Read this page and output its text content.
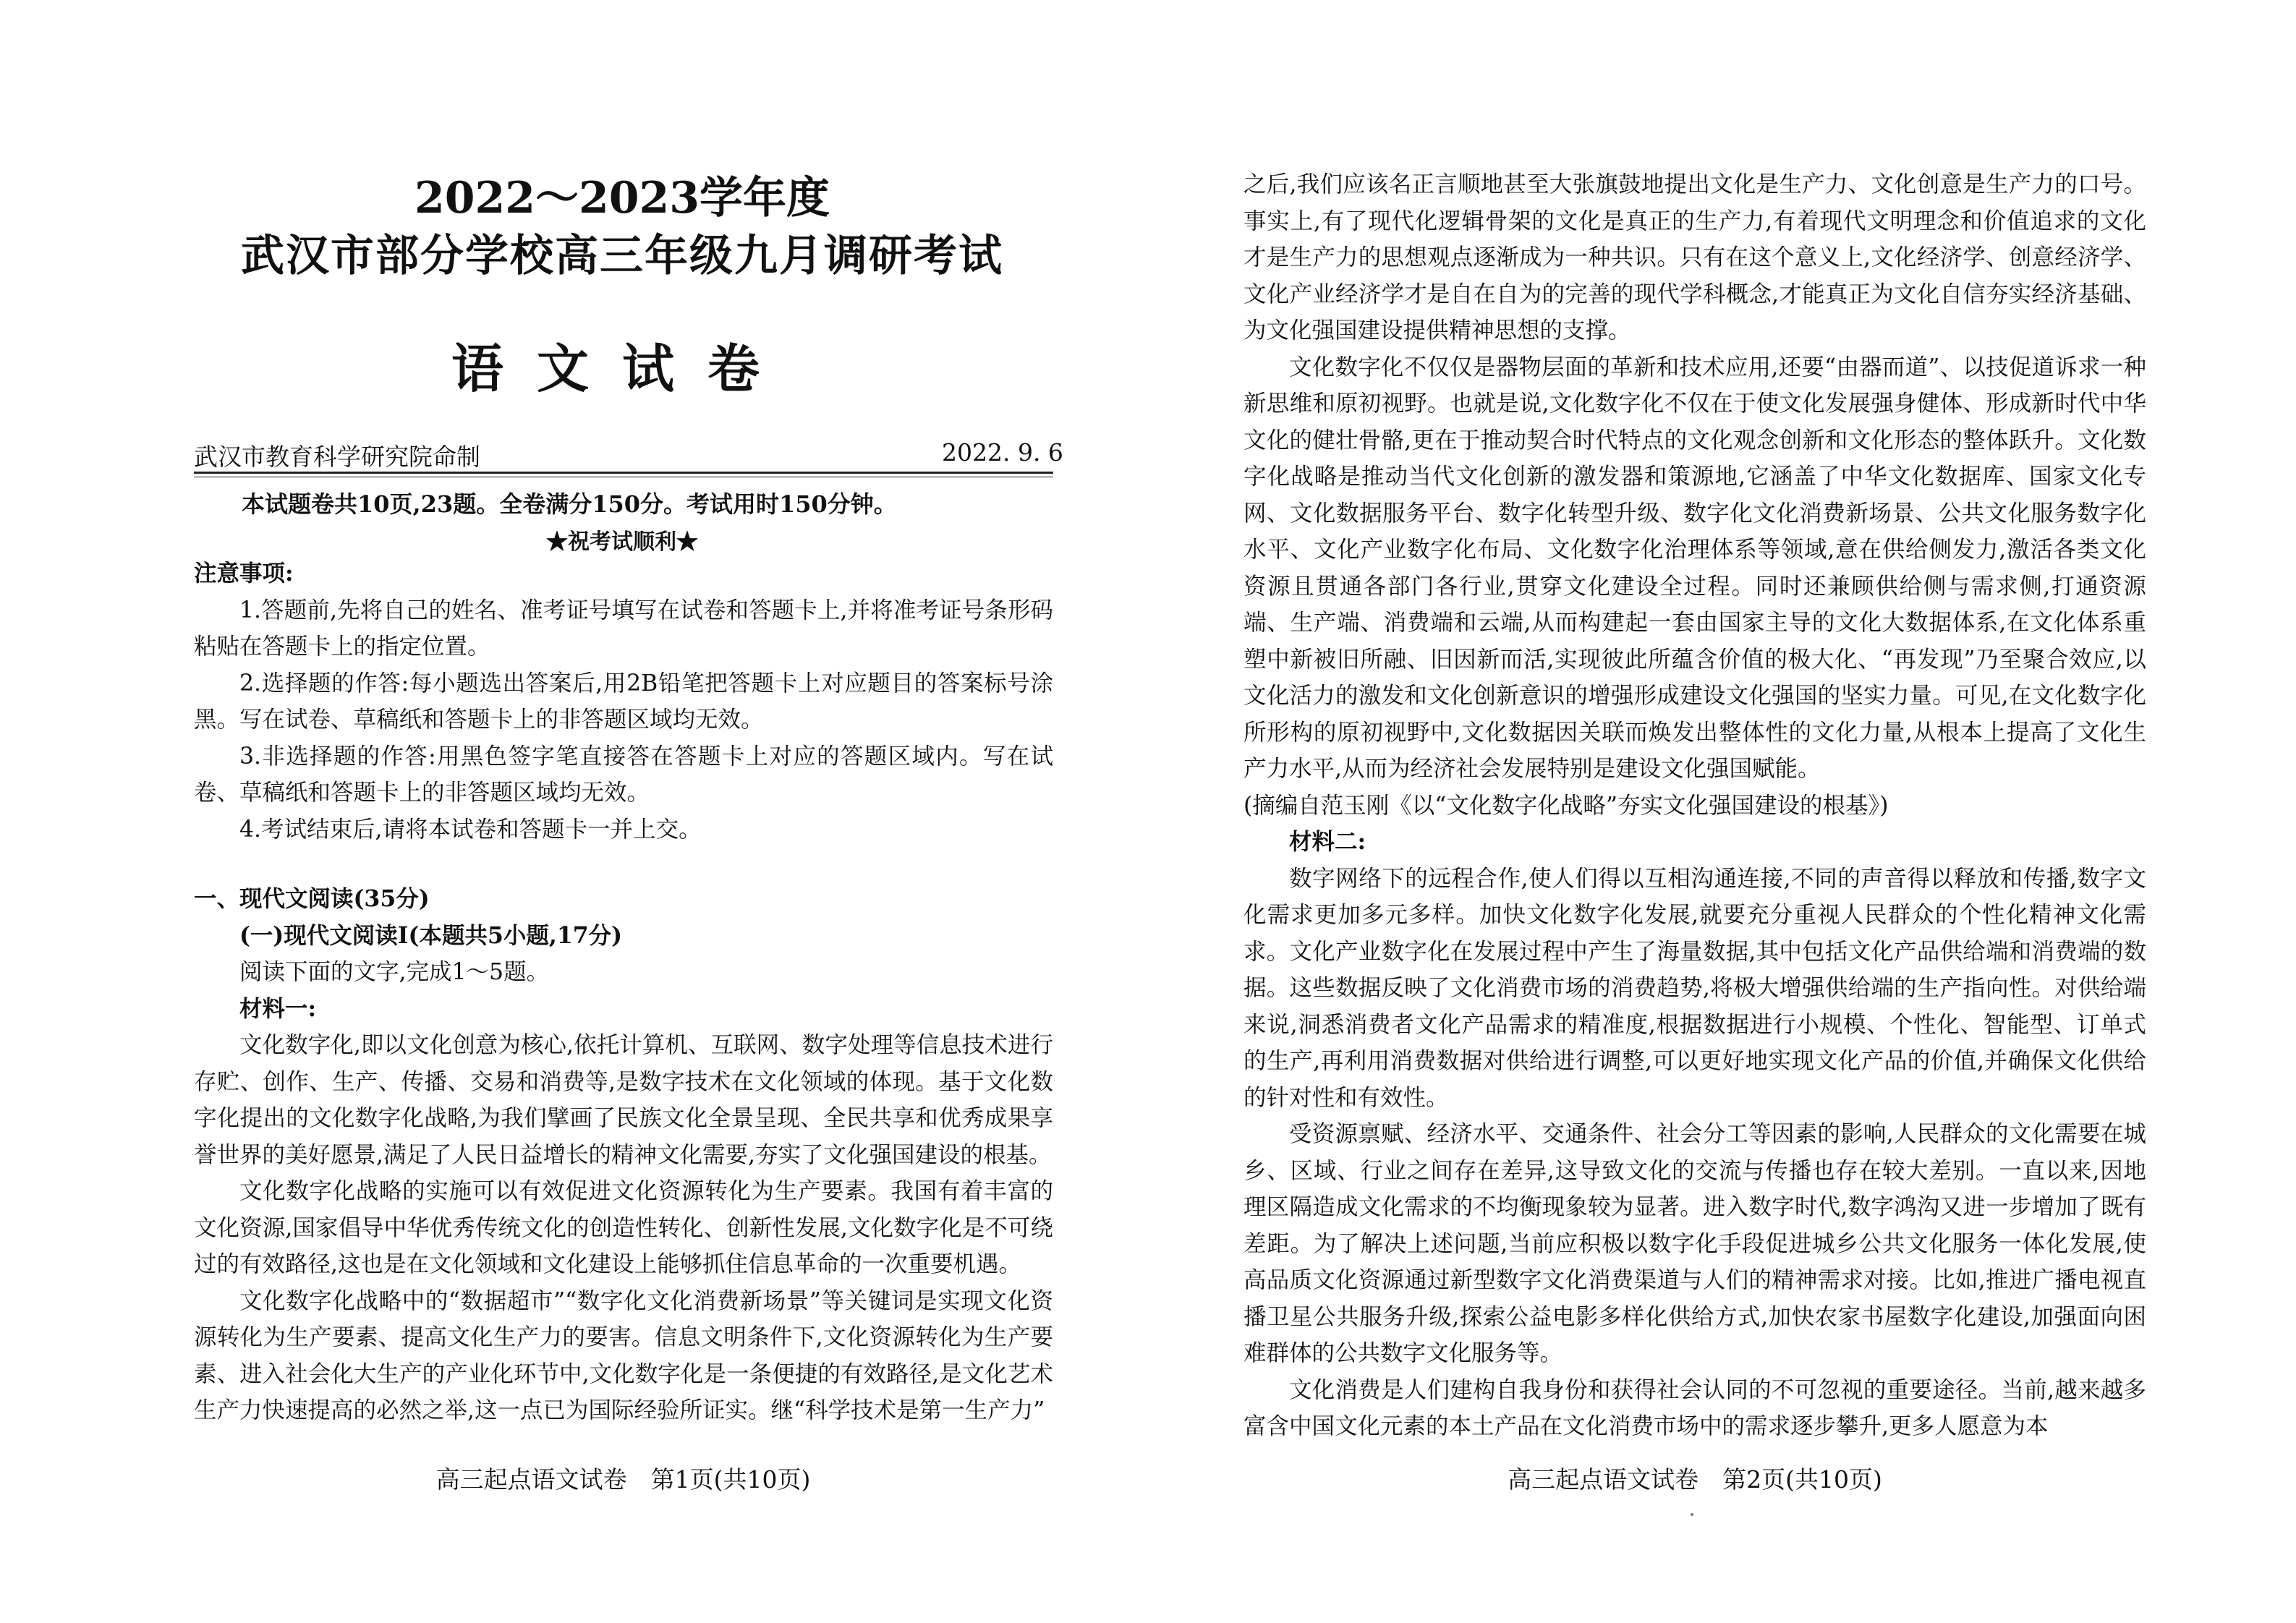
2022～2023学年度
武汉市部分学校高三年级九月调研考试
语文试卷
武汉市教育科学研究院命制	2022. 9. 6
本试题卷共10页,23题。全卷满分150分。考试用时150分钟。
★祝考试顺利★
注意事项:

1.答题前,先将自己的姓名、准考证号填写在试卷和答题卡上,并将准考证号条形码粘贴在答题卡上的指定位置。

2.选择题的作答:每小题选出答案后,用2B铅笔把答题卡上对应题目的答案标号涂黑。写在试卷、草稿纸和答题卡上的非答题区域均无效。

3.非选择题的作答:用黑色签字笔直接答在答题卡上对应的答题区域内。写在试卷、草稿纸和答题卡上的非答题区域均无效。

4.考试结束后,请将本试卷和答题卡一并上交。

一、现代文阅读(35分)
(一)现代文阅读Ⅰ(本题共5小题,17分)
阅读下面的文字,完成1～5题。
材料一:

文化数字化,即以文化创意为核心,依托计算机、互联网、数字处理等信息技术进行存贮、创作、生产、传播、交易和消费等,是数字技术在文化领域的体现。基于文化数字化提出的文化数字化战略,为我们擘画了民族文化全景呈现、全民共享和优秀成果享誉世界的美好愿景,满足了人民日益增长的精神文化需要,夯实了文化强国建设的根基。

文化数字化战略的实施可以有效促进文化资源转化为生产要素。我国有着丰富的文化资源,国家倡导中华优秀传统文化的创造性转化、创新性发展,文化数字化是不可绕过的有效路径,这也是在文化领域和文化建设上能够抓住信息革命的一次重要机遇。

文化数字化战略中的“数据超市”“数字化文化消费新场景”等关键词是实现文化资源转化为生产要素、提高文化生产力的要害。信息文明条件下,文化资源转化为生产要素、进入社会化大生产的产业化环节中,文化数字化是一条便捷的有效路径,是文化艺术生产力快速提高的必然之举,这一点已为国际经验所证实。继“科学技术是第一生产力”

高三起点语文试卷　第1页(共10页)

之后,我们应该名正言顺地甚至大张旗鼓地提出文化是生产力、文化创意是生产力的口号。事实上,有了现代化逻辑骨架的文化是真正的生产力,有着现代文明理念和价值追求的文化才是生产力的思想观点逐渐成为一种共识。只有在这个意义上,文化经济学、创意经济学、文化产业经济学才是自在自为的完善的现代学科概念,才能真正为文化自信夯实经济基础、为文化强国建设提供精神思想的支撑。

文化数字化不仅仅是器物层面的革新和技术应用,还要“由器而道”、以技促道诉求一种新思维和原初视野。也就是说,文化数字化不仅在于使文化发展强身健体、形成新时代中华文化的健壮骨骼,更在于推动契合时代特点的文化观念创新和文化形态的整体跃升。文化数字化战略是推动当代文化创新的激发器和策源地,它涵盖了中华文化数据库、国家文化专网、文化数据服务平台、数字化转型升级、数字化文化消费新场景、公共文化服务数字化水平、文化产业数字化布局、文化数字化治理体系等领域,意在供给侧发力,激活各类文化资源且贯通各部门各行业,贯穿文化建设全过程。同时还兼顾供给侧与需求侧,打通资源端、生产端、消费端和云端,从而构建起一套由国家主导的文化大数据体系,在文化体系重塑中新被旧所融、旧因新而活,实现彼此所蕴含价值的极大化、“再发现”乃至聚合效应,以文化活力的激发和文化创新意识的增强形成建设文化强国的坚实力量。可见,在文化数字化所形构的原初视野中,文化数据因关联而焕发出整体性的文化力量,从根本上提高了文化生产力水平,从而为经济社会发展特别是建设文化强国赋能。

(摘编自范玉刚《以“文化数字化战略”夯实文化强国建设的根基》)
材料二:

数字网络下的远程合作,使人们得以互相沟通连接,不同的声音得以释放和传播,数字文化需求更加多元多样。加快文化数字化发展,就要充分重视人民群众的个性化精神文化需求。文化产业数字化在发展过程中产生了海量数据,其中包括文化产品供给端和消费端的数据。这些数据反映了文化消费市场的消费趋势,将极大增强供给端的生产指向性。对供给端来说,洞悉消费者文化产品需求的精准度,根据数据进行小规模、个性化、智能型、订单式的生产,再利用消费数据对供给进行调整,可以更好地实现文化产品的价值,并确保文化供给的针对性和有效性。

受资源禀赋、经济水平、交通条件、社会分工等因素的影响,人民群众的文化需要在城乡、区域、行业之间存在差异,这导致文化的交流与传播也存在较大差别。一直以来,因地理区隔造成文化需求的不均衡现象较为显著。进入数字时代,数字鸿沟又进一步增加了既有差距。为了解决上述问题,当前应积极以数字化手段促进城乡公共文化服务一体化发展,使高品质文化资源通过新型数字文化消费渠道与人们的精神需求对接。比如,推进广播电视直播卫星公共服务升级,探索公益电影多样化供给方式,加快农家书屋数字化建设,加强面向困难群体的公共数字文化服务等。

文化消费是人们建构自我身份和获得社会认同的不可忽视的重要途径。当前,越来越多富含中国文化元素的本土产品在文化消费市场中的需求逐步攀升,更多人愿意为本

高三起点语文试卷　第2页(共10页)
